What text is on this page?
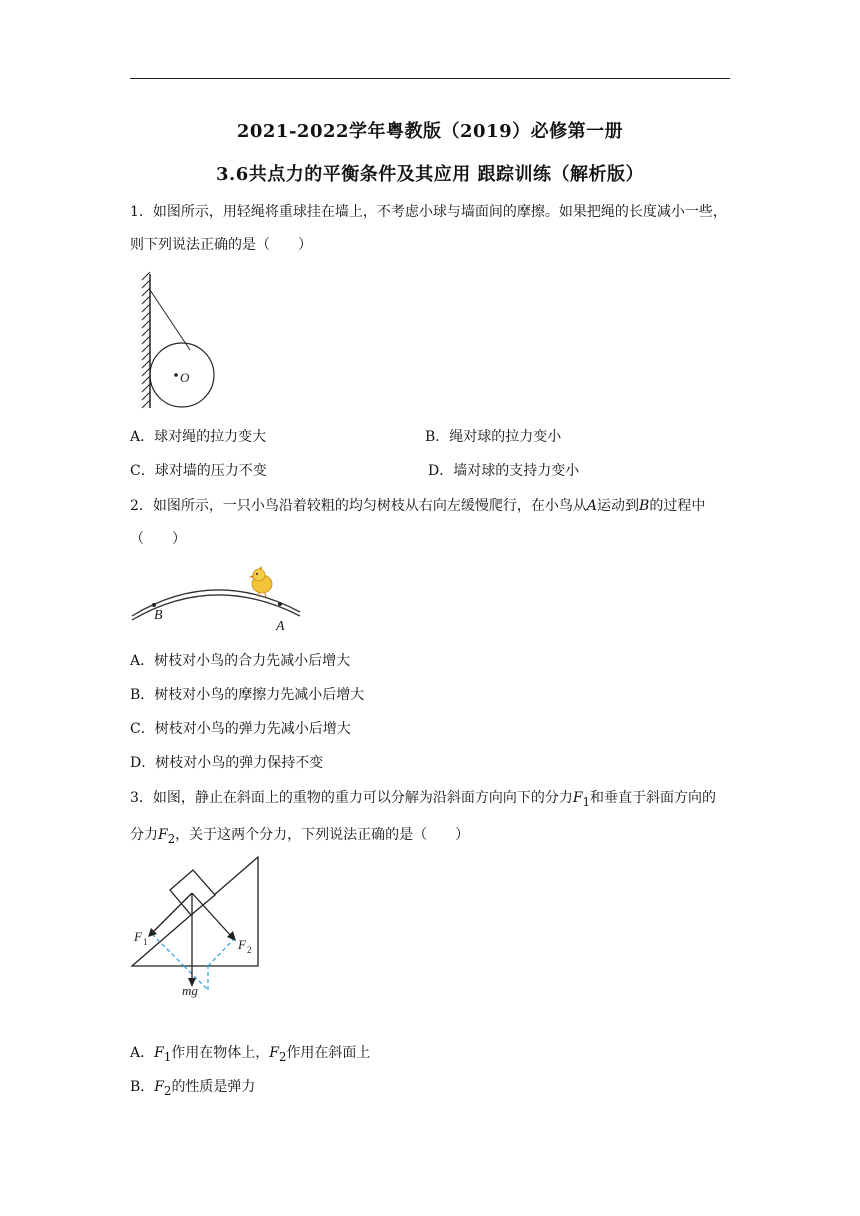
2021-2022学年粤教版（2019）必修第一册
3.6共点力的平衡条件及其应用 跟踪训练（解析版）
1．如图所示，用轻绳将重球挂在墙上，不考虑小球与墙面间的摩擦。如果把绳的长度减小一些，则下列说法正确的是（　　）
O
A．球对绳的拉力变大	B．绳对球的拉力变小
C．球对墙的压力不变	D．墙对球的支持力变小
2．如图所示，一只小鸟沿着较粗的均匀树枝从右向左缓慢爬行，在小鸟从A运动到B的过程中（　　）
B
A
A．树枝对小鸟的合力先减小后增大
B．树枝对小鸟的摩擦力先减小后增大
C．树枝对小鸟的弹力先减小后增大
D．树枝对小鸟的弹力保持不变
3．如图，静止在斜面上的重物的重力可以分解为沿斜面方向向下的分力$F_1$和垂直于斜面方向的分力$F_2$，关于这两个分力，下列说法正确的是（　　）
F 1	F 2
mg
A．$F_1$作用在物体上，$F_2$作用在斜面上
B．$F_2$的性质是弹力
